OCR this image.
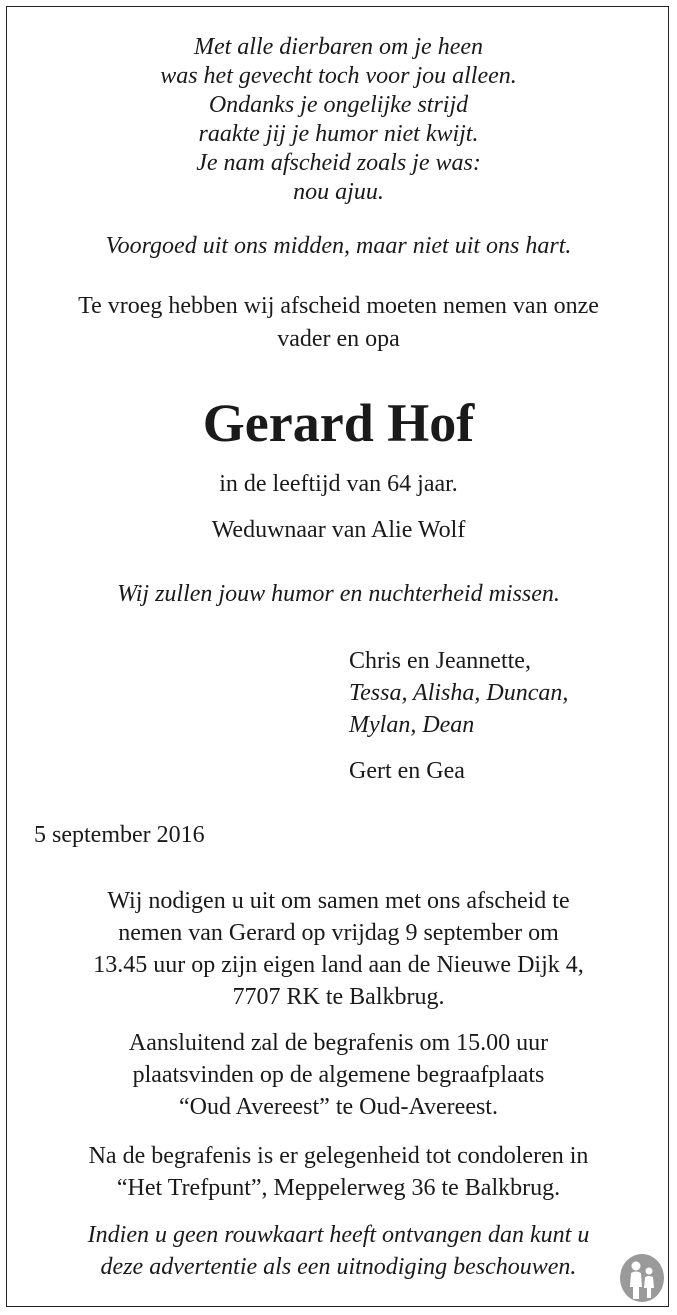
Met alle dierbaren om je heen
was het gevecht toch voor jou alleen.
Ondanks je ongelijke strijd
raakte jij je humor niet kwijt.
Je nam afscheid zoals je was:
nou ajuu.
Voorgoed uit ons midden, maar niet uit ons hart.
Te vroeg hebben wij afscheid moeten nemen van onze
vader en opa
Gerard Hof
in de leeftijd van 64 jaar.
Weduwnaar van Alie Wolf
Wij zullen jouw humor en nuchterheid missen.
Chris en Jeannette,
Tessa, Alisha, Duncan,
Mylan, Dean
Gert en Gea
5 september 2016
Wij nodigen u uit om samen met ons afscheid te
nemen van Gerard op vrijdag 9 september om
13.45 uur op zijn eigen land aan de Nieuwe Dijk 4,
7707 RK te Balkbrug.
Aansluitend zal de begrafenis om 15.00 uur
plaatsvinden op de algemene begraafplaats
“Oud Avereest” te Oud-Avereest.
Na de begrafenis is er gelegenheid tot condoleren in
“Het Trefpunt”, Meppelerweg 36 te Balkbrug.
Indien u geen rouwkaart heeft ontvangen dan kunt u
deze advertentie als een uitnodiging beschouwen.
